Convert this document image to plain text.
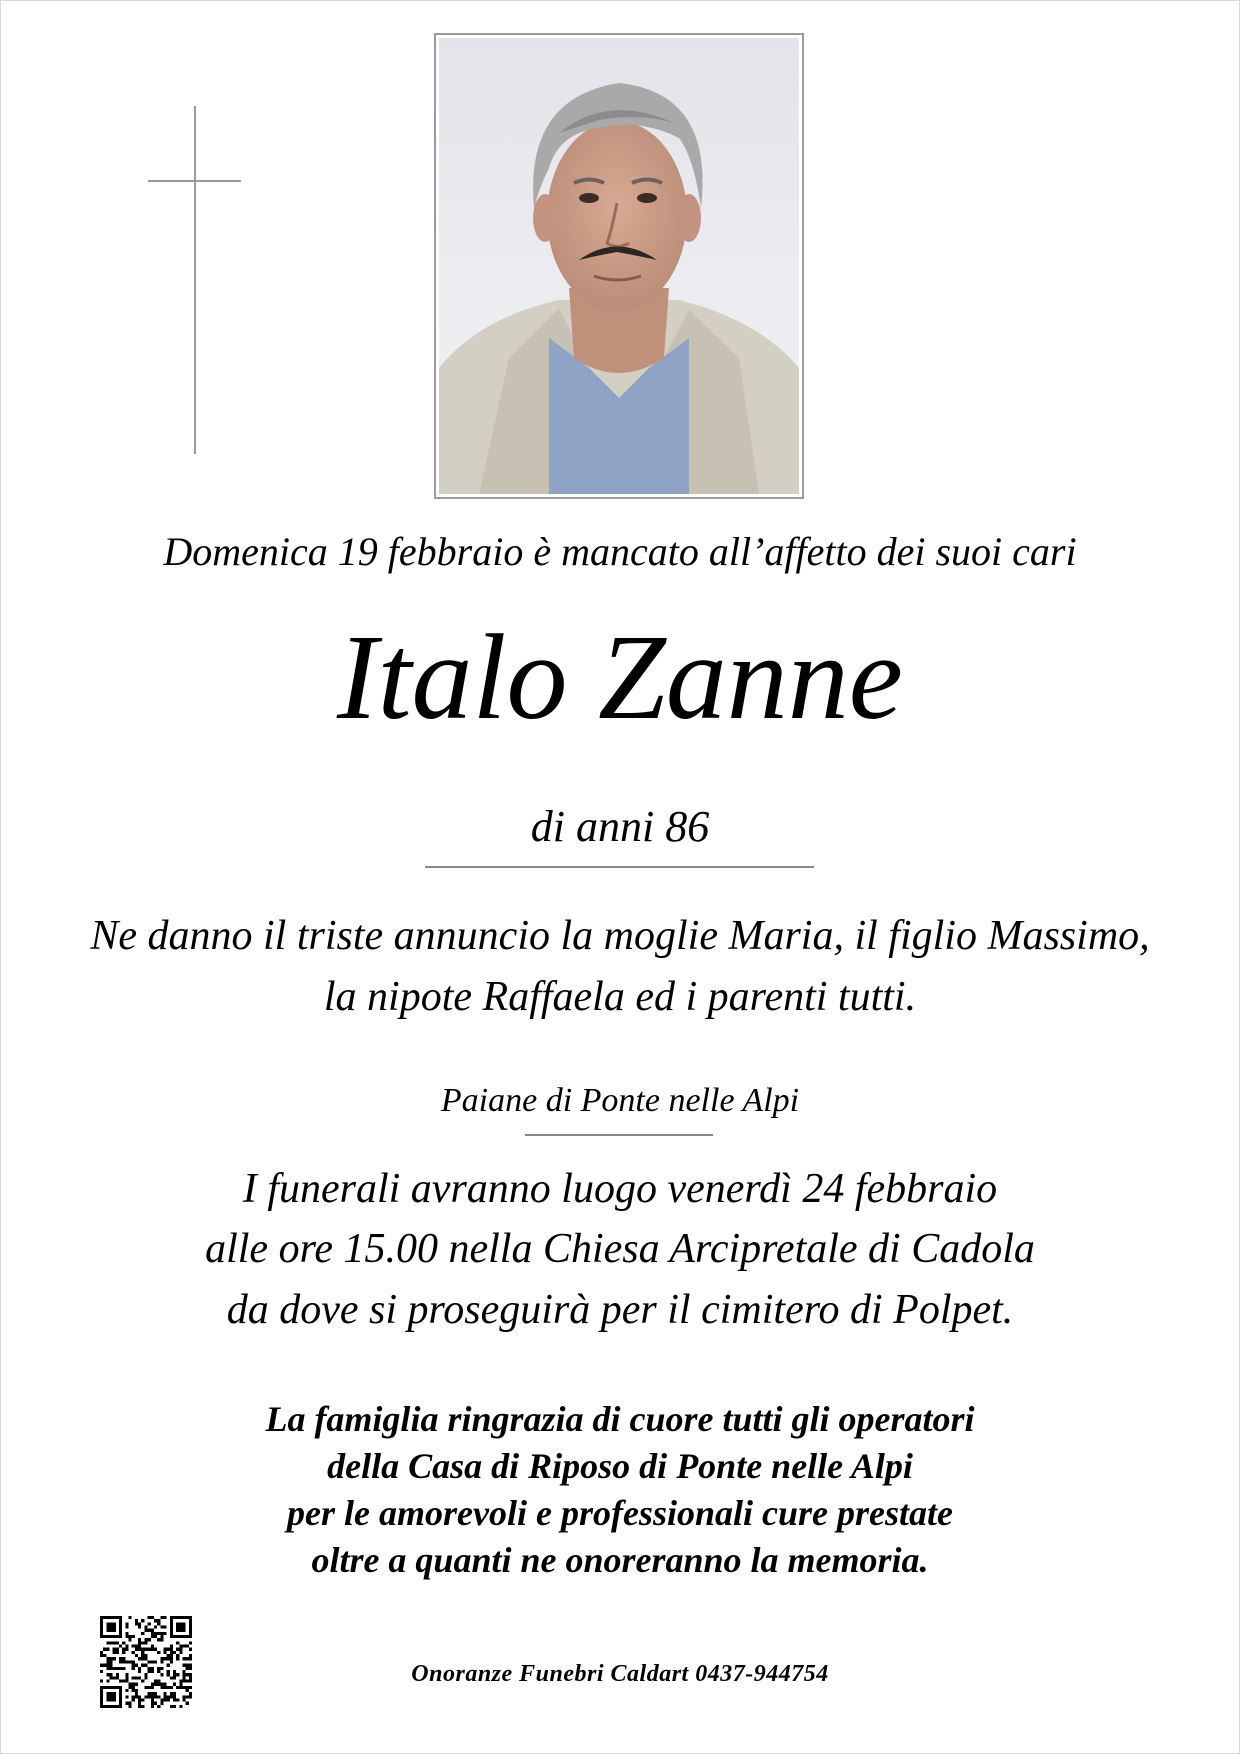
Domenica 19 febbraio è mancato all’affetto dei suoi cari
Italo Zanne
di anni 86
Ne danno il triste annuncio la moglie Maria, il figlio Massimo,
la nipote Raffaela ed i parenti tutti.
Paiane di Ponte nelle Alpi
I funerali avranno luogo venerdì 24 febbraio
alle ore 15.00 nella Chiesa Arcipretale di Cadola
da dove si proseguirà per il cimitero di Polpet.
La famiglia ringrazia di cuore tutti gli operatori
della Casa di Riposo di Ponte nelle Alpi
per le amorevoli e professionali cure prestate
oltre a quanti ne onoreranno la memoria.
Onoranze Funebri Caldart 0437-944754
